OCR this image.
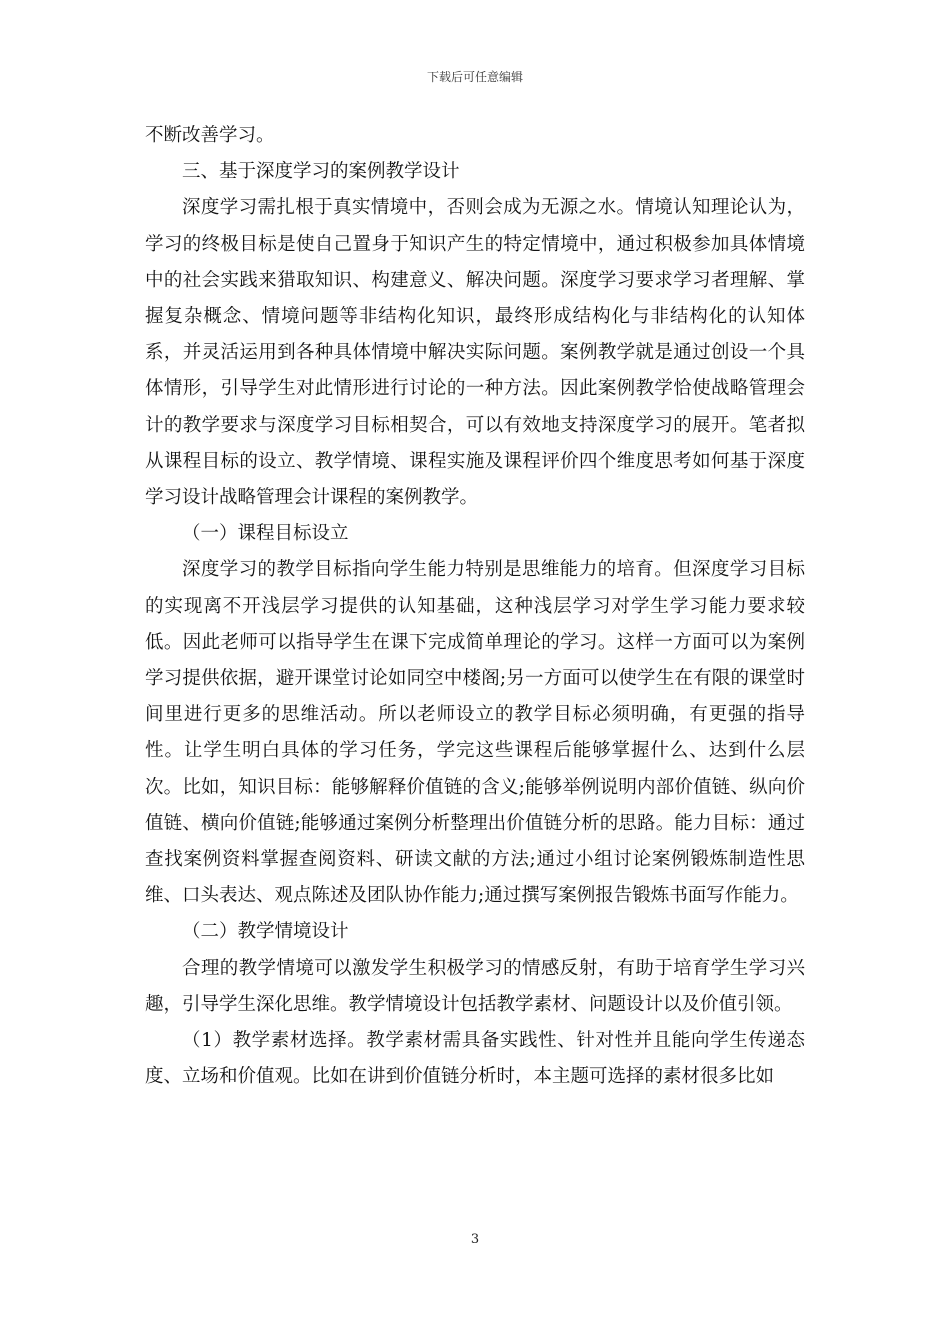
下载后可任意编辑

不断改善学习。

三、基于深度学习的案例教学设计

深度学习需扎根于真实情境中，否则会成为无源之水。情境认知理论认为，学习的终极目标是使自己置身于知识产生的特定情境中，通过积极参加具体情境中的社会实践来猎取知识、构建意义、解决问题。深度学习要求学习者理解、掌握复杂概念、情境问题等非结构化知识，最终形成结构化与非结构化的认知体系，并灵活运用到各种具体情境中解决实际问题。案例教学就是通过创设一个具体情形，引导学生对此情形进行讨论的一种方法。因此案例教学恰使战略管理会计的教学要求与深度学习目标相契合，可以有效地支持深度学习的展开。笔者拟从课程目标的设立、教学情境、课程实施及课程评价四个维度思考如何基于深度学习设计战略管理会计课程的案例教学。

（一）课程目标设立

深度学习的教学目标指向学生能力特别是思维能力的培育。但深度学习目标的实现离不开浅层学习提供的认知基础，这种浅层学习对学生学习能力要求较低。因此老师可以指导学生在课下完成简单理论的学习。这样一方面可以为案例学习提供依据，避开课堂讨论如同空中楼阁;另一方面可以使学生在有限的课堂时间里进行更多的思维活动。所以老师设立的教学目标必须明确，有更强的指导性。让学生明白具体的学习任务，学完这些课程后能够掌握什么、达到什么层次。比如，知识目标：能够解释价值链的含义;能够举例说明内部价值链、纵向价值链、横向价值链;能够通过案例分析整理出价值链分析的思路。能力目标：通过查找案例资料掌握查阅资料、研读文献的方法;通过小组讨论案例锻炼制造性思维、口头表达、观点陈述及团队协作能力;通过撰写案例报告锻炼书面写作能力。

（二）教学情境设计

合理的教学情境可以激发学生积极学习的情感反射，有助于培育学生学习兴趣，引导学生深化思维。教学情境设计包括教学素材、问题设计以及价值引领。

（1）教学素材选择。教学素材需具备实践性、针对性并且能向学生传递态度、立场和价值观。比如在讲到价值链分析时，本主题可选择的素材很多比如

3
